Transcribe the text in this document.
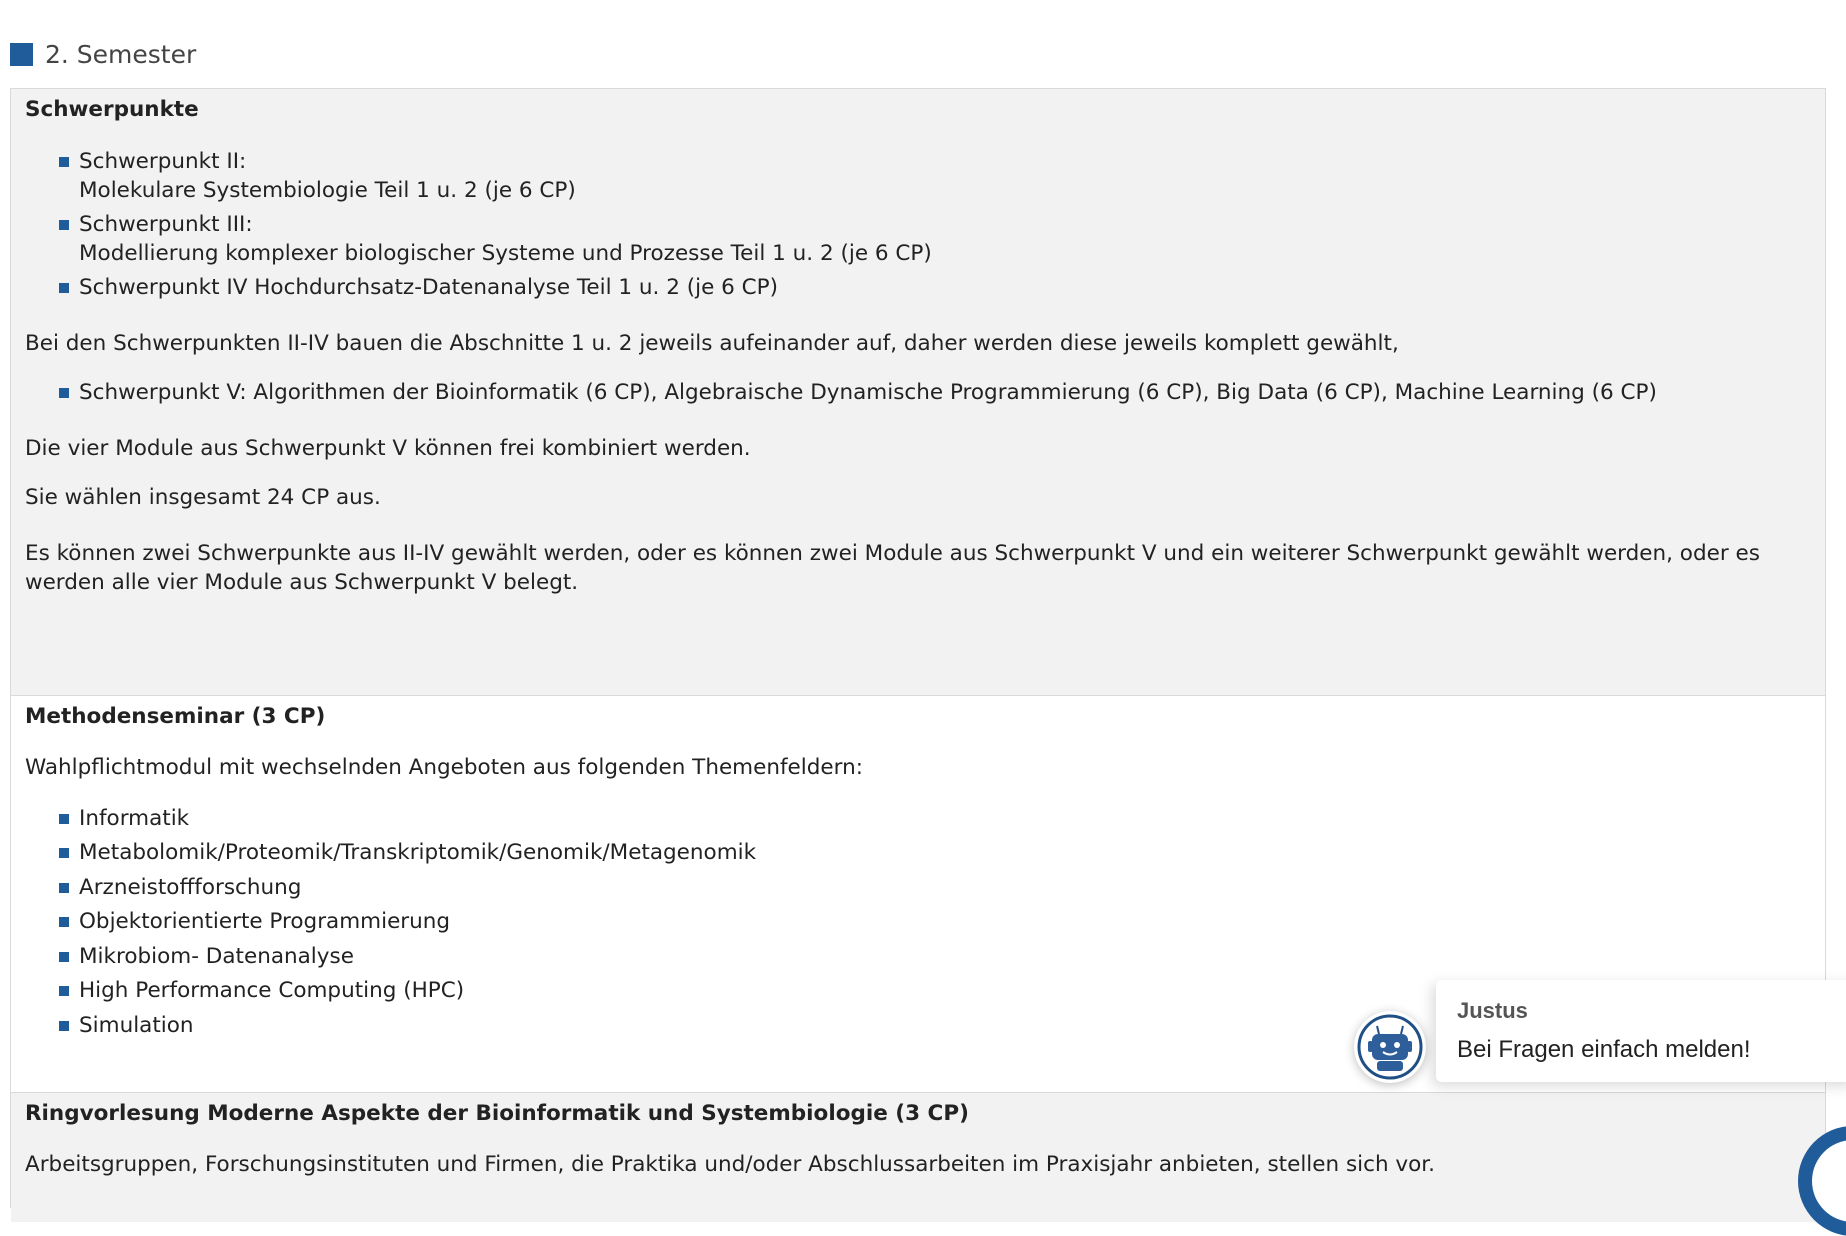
2. Semester
Schwerpunkte
Schwerpunkt II:
Molekulare Systembiologie Teil 1 u. 2 (je 6 CP)
Schwerpunkt III:
Modellierung komplexer biologischer Systeme und Prozesse Teil 1 u. 2 (je 6 CP)
Schwerpunkt IV Hochdurchsatz-Datenanalyse Teil 1 u. 2 (je 6 CP)
Bei den Schwerpunkten II-IV bauen die Abschnitte 1 u. 2 jeweils aufeinander auf, daher werden diese jeweils komplett gewählt,
Schwerpunkt V: Algorithmen der Bioinformatik (6 CP), Algebraische Dynamische Programmierung (6 CP), Big Data (6 CP), Machine Learning (6 CP)
Die vier Module aus Schwerpunkt V können frei kombiniert werden.
Sie wählen insgesamt 24 CP aus.
Es können zwei Schwerpunkte aus II-IV gewählt werden, oder es können zwei Module aus Schwerpunkt V und ein weiterer Schwerpunkt gewählt werden, oder es werden alle vier Module aus Schwerpunkt V belegt.
Methodenseminar (3 CP)
Wahlpflichtmodul mit wechselnden Angeboten aus folgenden Themenfeldern:
Informatik
Metabolomik/Proteomik/Transkriptomik/Genomik/Metagenomik
Arzneistoffforschung
Objektorientierte Programmierung
Mikrobiom- Datenanalyse
High Performance Computing (HPC)
Simulation
Ringvorlesung Moderne Aspekte der Bioinformatik und Systembiologie (3 CP)
Arbeitsgruppen, Forschungsinstituten und Firmen, die Praktika und/oder Abschlussarbeiten im Praxisjahr anbieten, stellen sich vor.
Justus
Bei Fragen einfach melden!
